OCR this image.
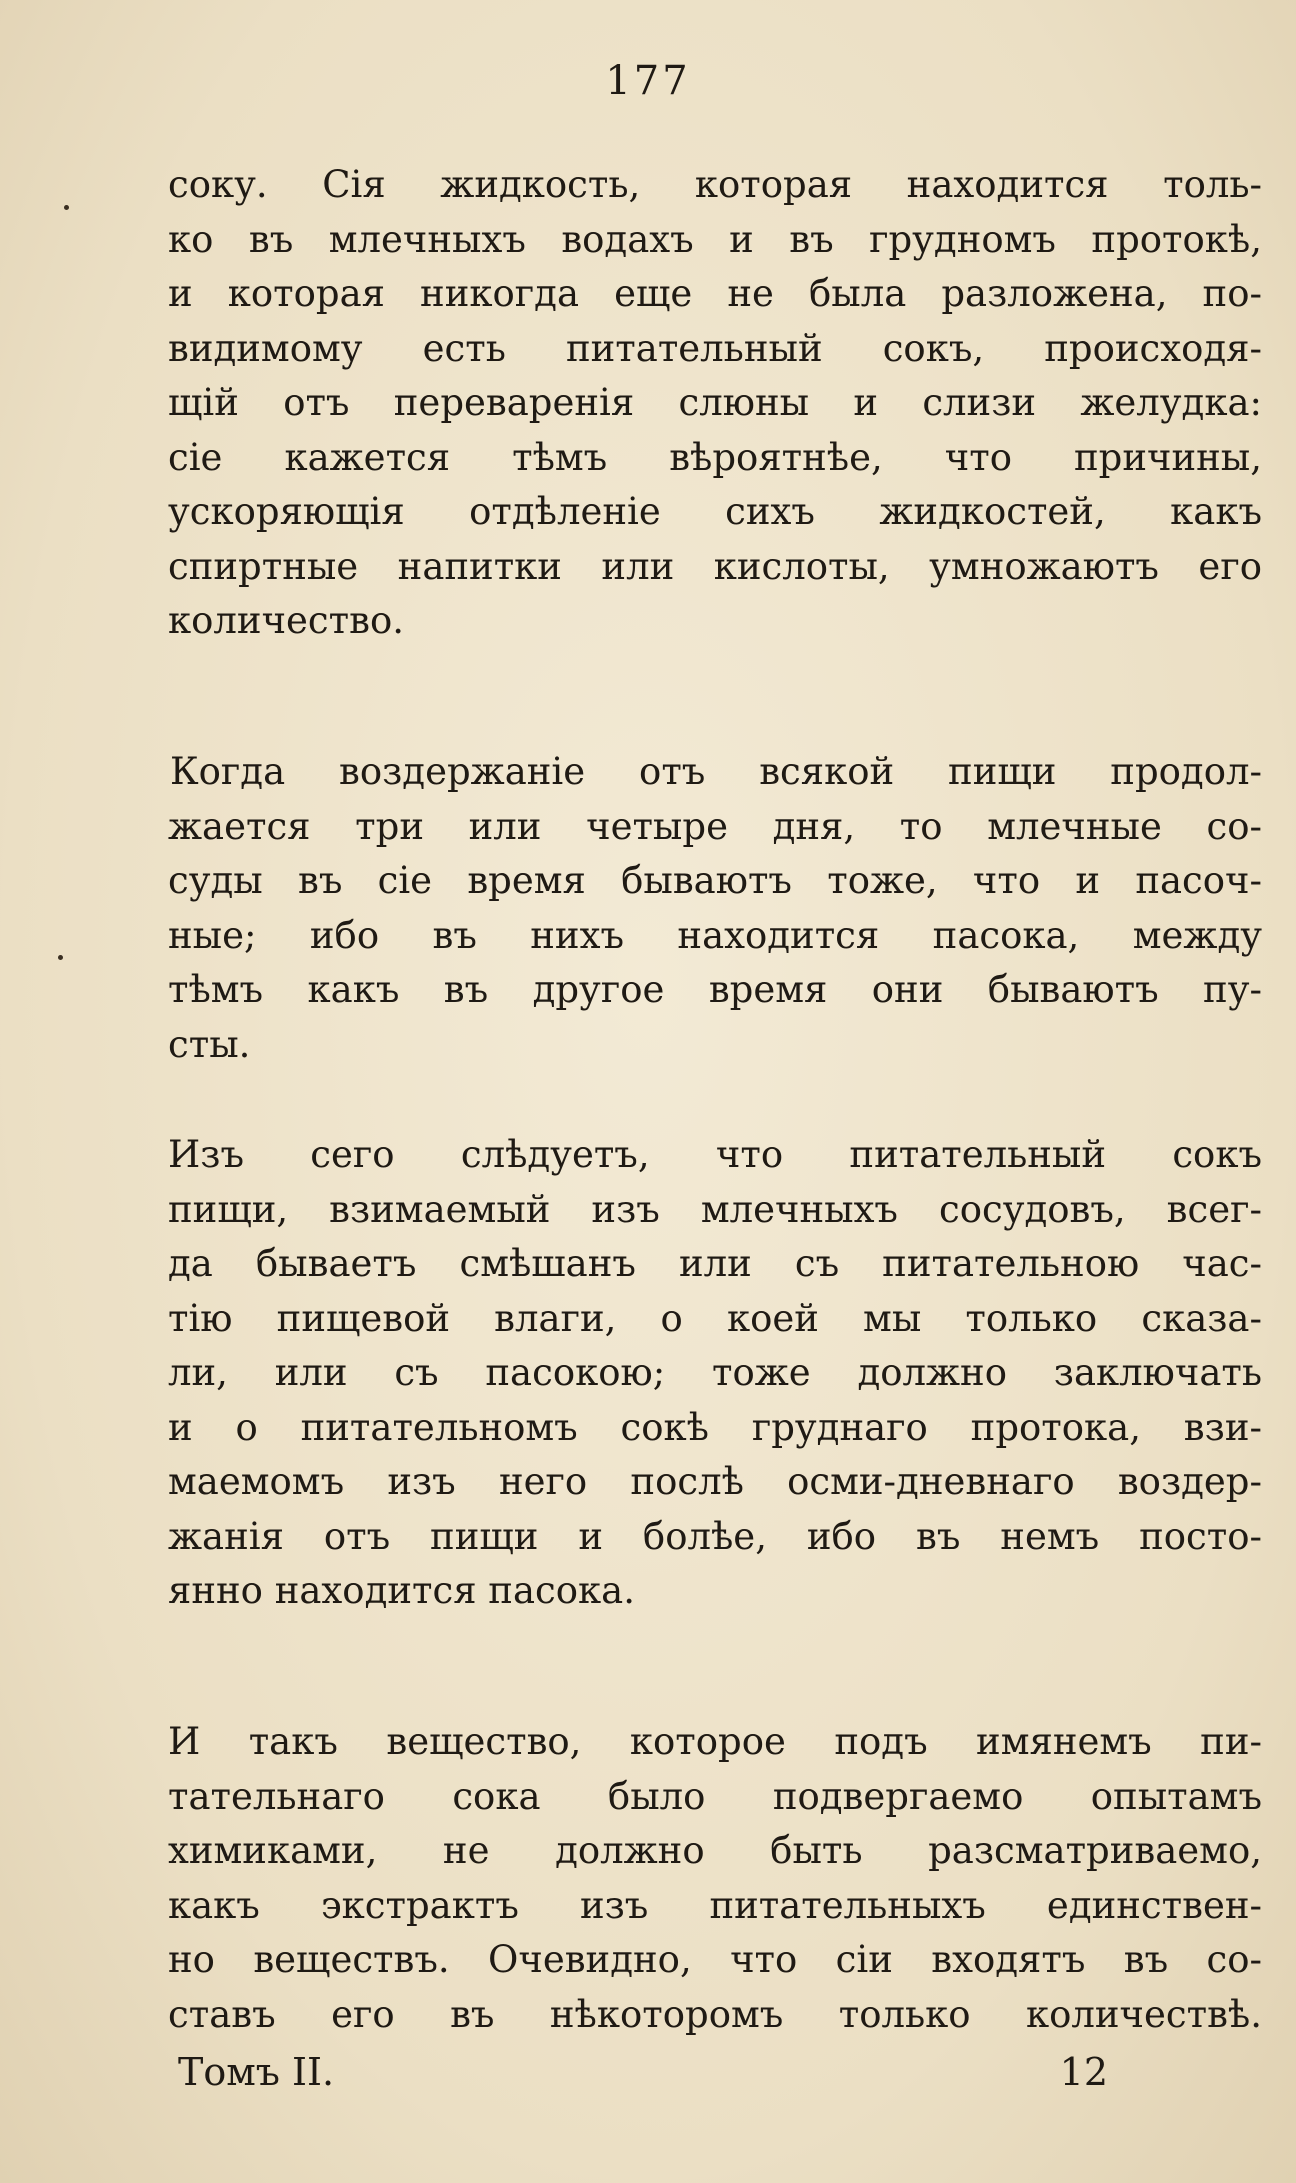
177
соку. Сія жидкость, которая находится толь-
ко въ млечныхъ водахъ и въ грудномъ протокѣ,
и которая никогда еще не была разложена, по-
видимому есть питательный сокъ, происходя-
щій отъ переваренія слюны и слизи желудка:
сіе кажется тѣмъ вѣроятнѣе, что причины,
ускоряющія отдѣленіе сихъ жидкостей, какъ
спиртные напитки или кислоты, умножаютъ его
количество.
Когда воздержаніе отъ всякой пищи продол-
жается три или четыре дня, то млечные со-
суды въ сіе время бываютъ тоже, что и пасоч-
ные; ибо въ нихъ находится пасока, между
тѣмъ какъ въ другое время они бываютъ пу-
сты.
Изъ сего слѣдуетъ, что питательный сокъ
пищи, взимаемый изъ млечныхъ сосудовъ, всег-
да бываетъ смѣшанъ или съ питательною час-
тію пищевой влаги, о коей мы только сказа-
ли, или съ пасокою; тоже должно заключать
и о питательномъ сокѣ груднаго протока, взи-
маемомъ изъ него послѣ осми-дневнаго воздер-
жанія отъ пищи и болѣе, ибо въ немъ посто-
янно находится пасока.
И такъ вещество, которое подъ имянемъ пи-
тательнаго сока было подвергаемо опытамъ
химиками, не должно быть разсматриваемо,
какъ экстрактъ изъ питательныхъ единствен-
но веществъ. Очевидно, что сіи входятъ въ со-
ставъ его въ нѣкоторомъ только количествѣ.
Томъ II.	12
